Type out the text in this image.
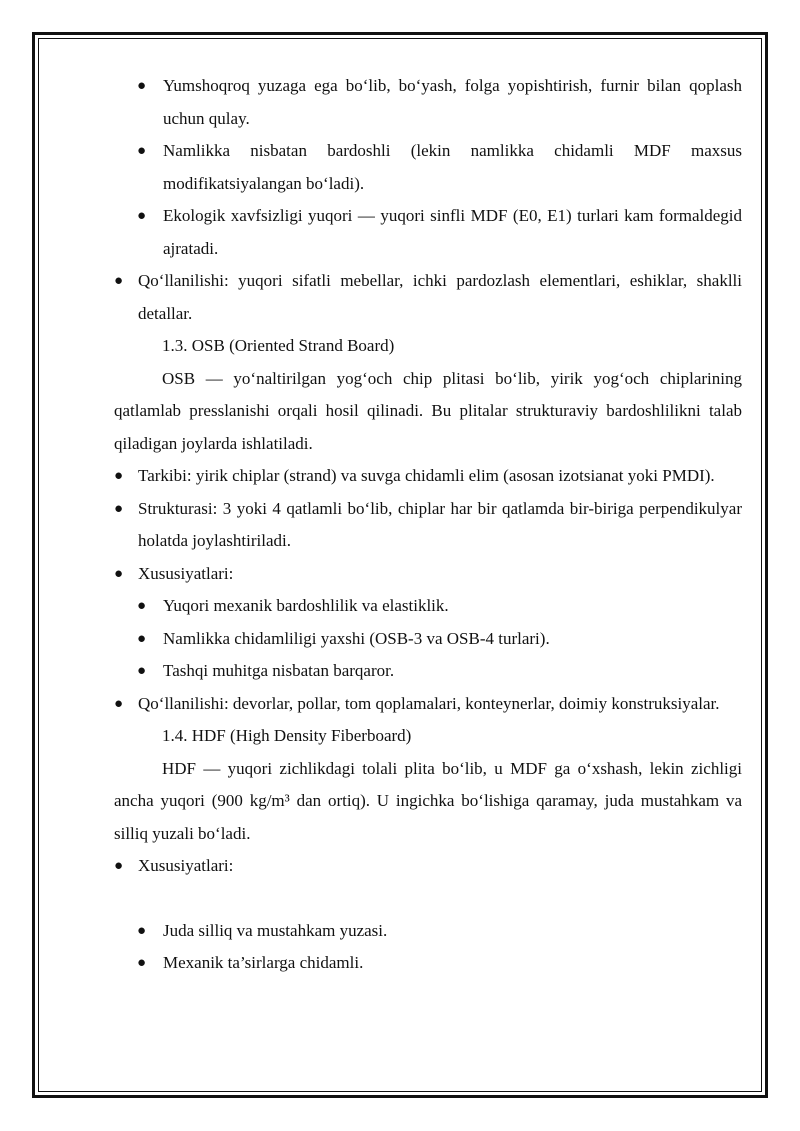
● Yumshoqroq yuzaga ega bo‘lib, bo‘yash, folga yopishtirish, furnir bilan qoplash uchun qulay.
● Namlikka nisbatan bardoshli (lekin namlikka chidamli MDF maxsus modifikatsiyalangan bo‘ladi).
● Ekologik xavfsizligi yuqori — yuqori sinfli MDF (E0, E1) turlari kam formaldegid ajratadi.
● Qo‘llanilishi: yuqori sifatli mebellar, ichki pardozlash elementlari, eshiklar, shaklli detallar.
1.3. OSB (Oriented Strand Board)
OSB — yo‘naltirilgan yog‘och chip plitasi bo‘lib, yirik yog‘och chiplarining qatlamlab presslanishi orqali hosil qilinadi. Bu plitalar strukturaviy bardoshlilikni talab qiladigan joylarda ishlatiladi.
● Tarkibi: yirik chiplar (strand) va suvga chidamli elim (asosan izotsianat yoki PMDI).
● Strukturasi: 3 yoki 4 qatlamli bo‘lib, chiplar har bir qatlamda bir-biriga perpendikulyar holatda joylashtiriladi.
● Xususiyatlari:
● Yuqori mexanik bardoshlilik va elastiklik.
● Namlikka chidamliligi yaxshi (OSB-3 va OSB-4 turlari).
● Tashqi muhitga nisbatan barqaror.
● Qo‘llanilishi: devorlar, pollar, tom qoplamalari, konteynerlar, doimiy konstruksiyalar.
1.4. HDF (High Density Fiberboard)
HDF — yuqori zichlikdagi tolali plita bo‘lib, u MDF ga o‘xshash, lekin zichligi ancha yuqori (900 kg/m³ dan ortiq). U ingichka bo‘lishiga qaramay, juda mustahkam va silliq yuzali bo‘ladi.
● Xususiyatlari:
● Juda silliq va mustahkam yuzasi.
● Mexanik ta’sirlarga chidamli.
